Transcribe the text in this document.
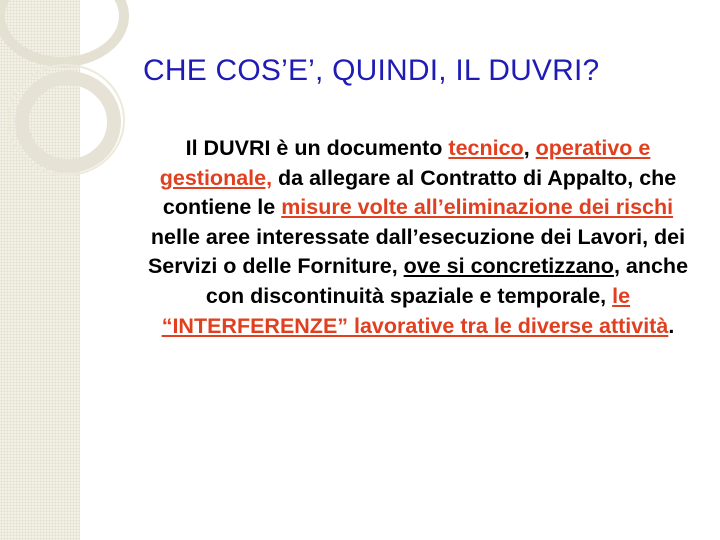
CHE COS’E’, QUINDI, IL DUVRI?

Il DUVRI è un documento tecnico, operativo e gestionale, da allegare al Contratto di Appalto, che contiene le misure volte all’eliminazione dei rischi nelle aree interessate dall’esecuzione dei Lavori, dei Servizi o delle Forniture, ove si concretizzano, anche con discontinuità spaziale e temporale, le “INTERFERENZE” lavorative tra le diverse attività.
